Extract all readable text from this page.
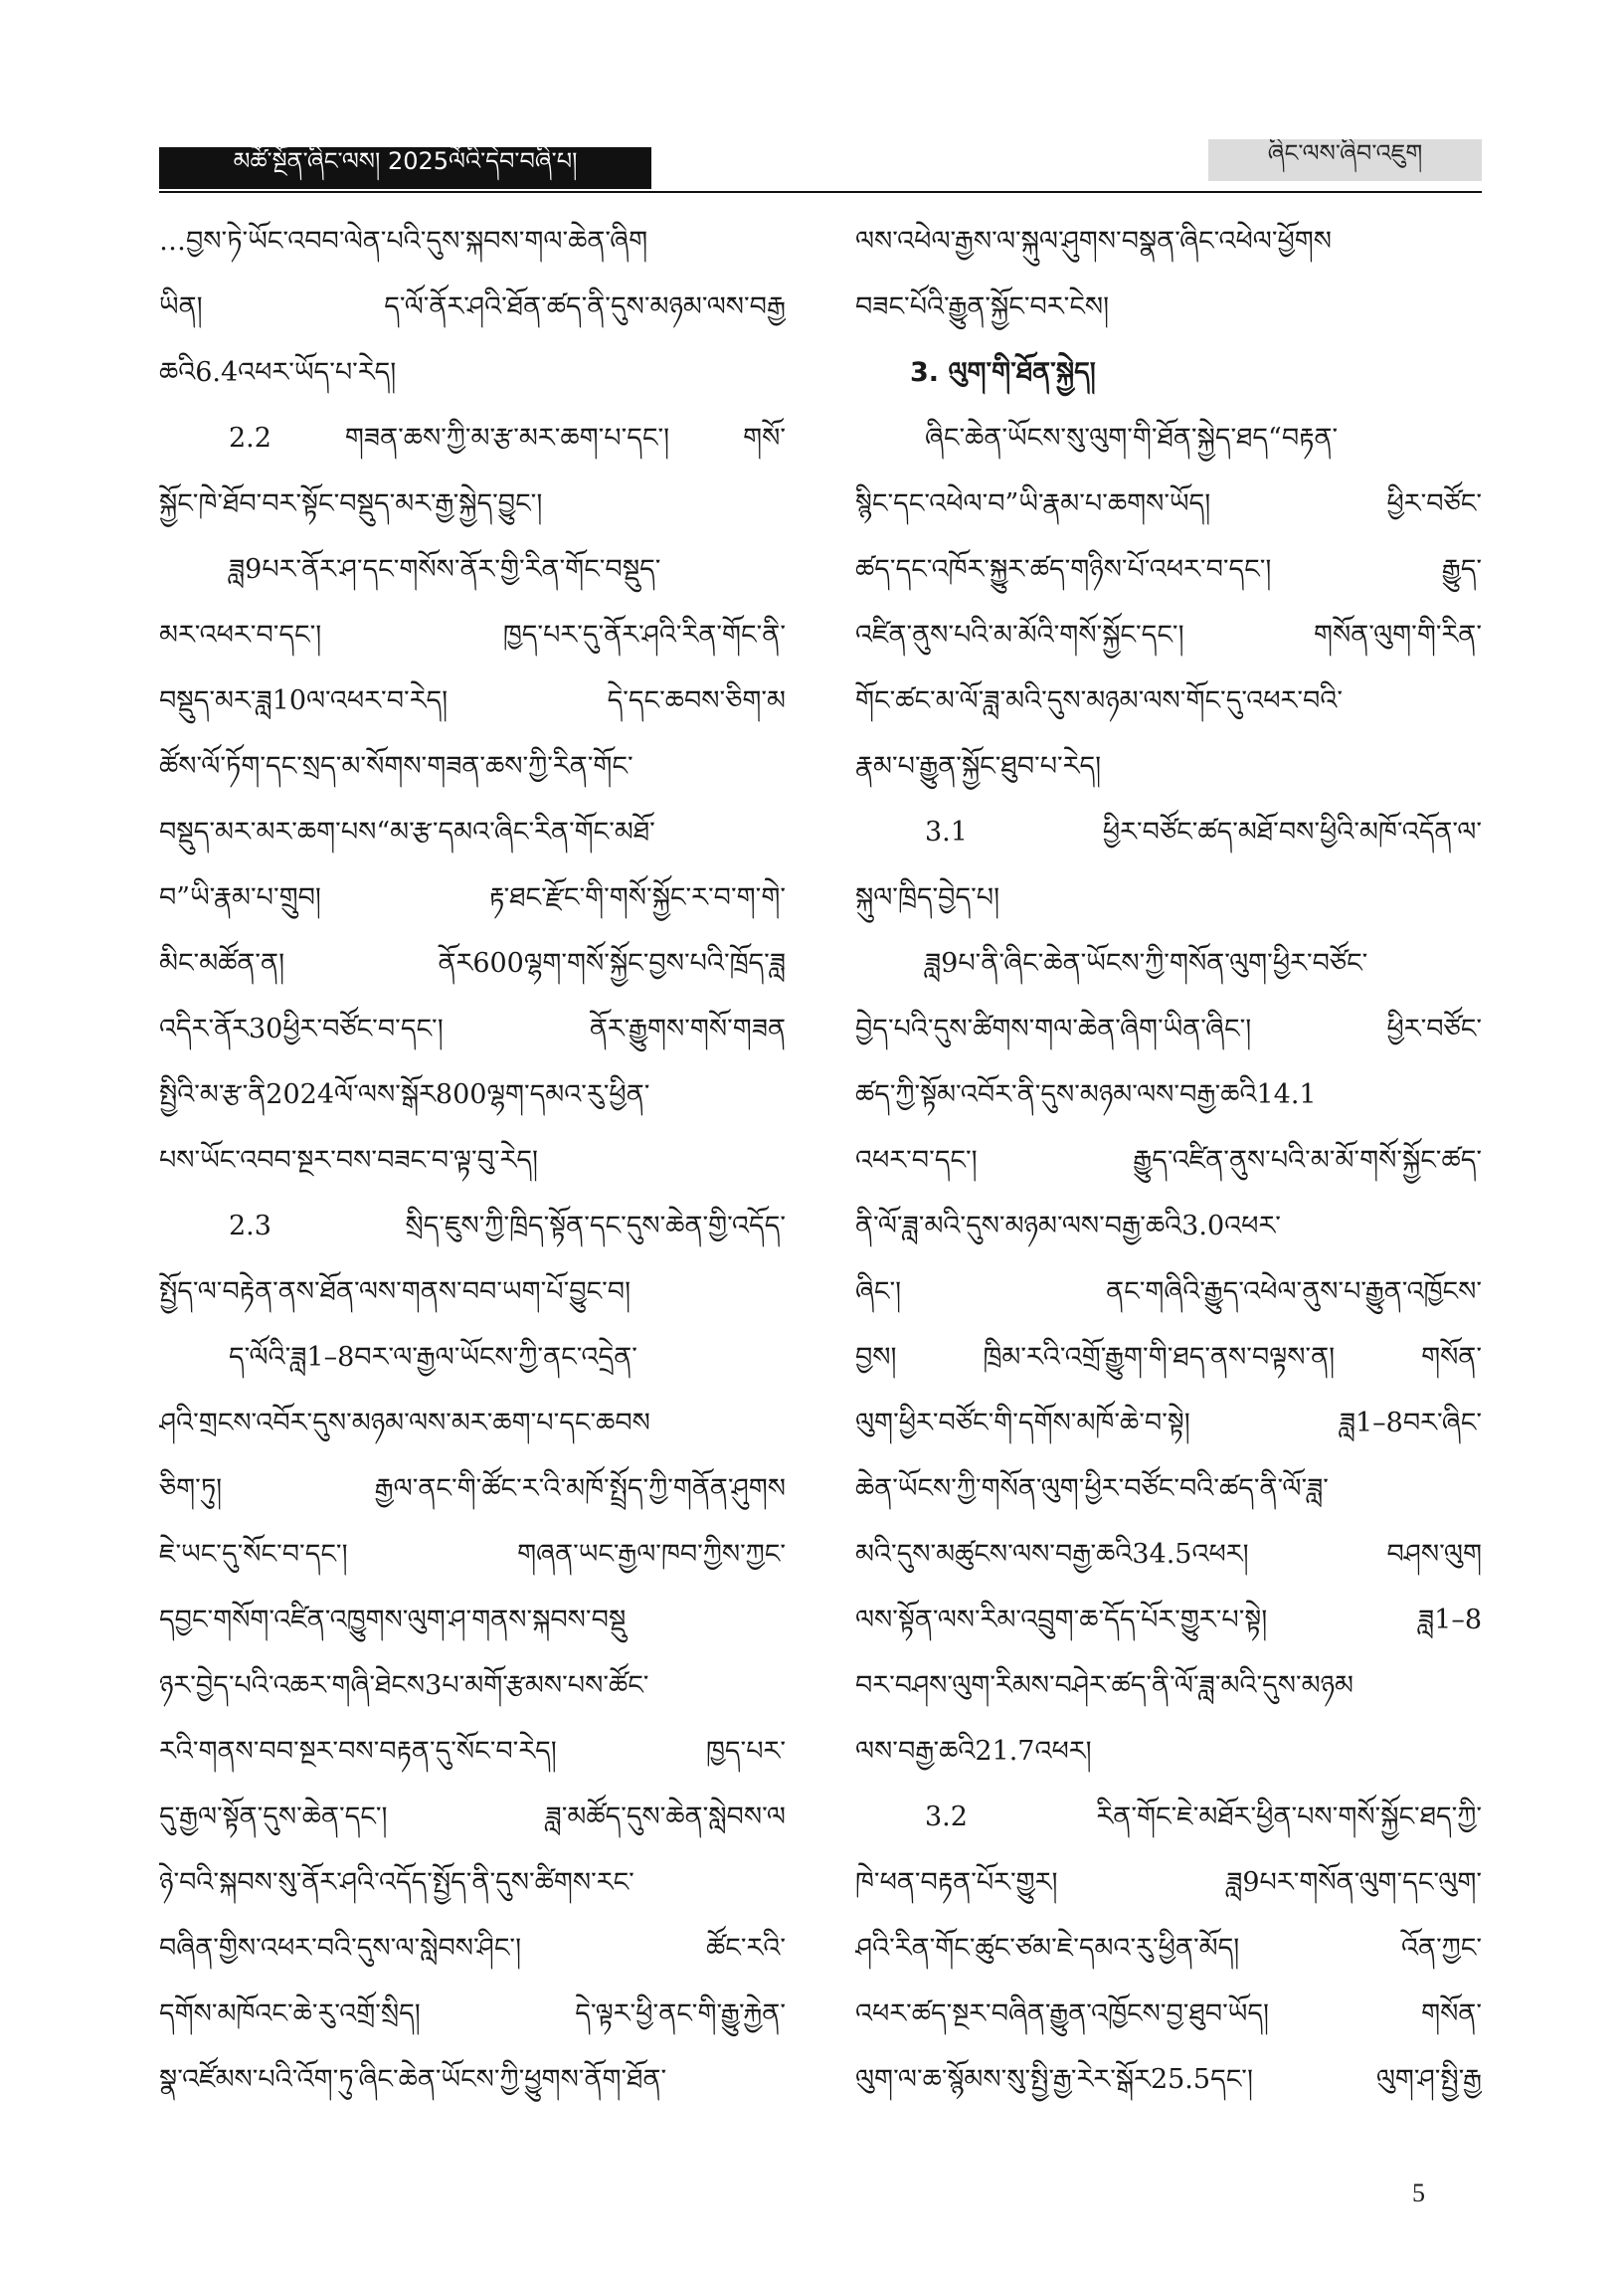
མཚོ་སྔོན་ཞིང་ལས། 2025ལོའི་དེབ་བཞི་པ།	ཞིང་ལས་ཞིབ་འཇུག
…བྱས་ཏེ་ཡོང་འབབ་ལེན་པའི་དུས་སྐབས་གལ་ཆེན་ཞིག
ཡིན། ད་ལོ་ནོར་ཤའི་ཐོན་ཚད་ནི་དུས་མཉམ་ལས་བརྒྱ
ཆའི6.4འཕར་ཡོད་པ་རེད།
2.2 གཟན་ཆས་ཀྱི་མ་རྩ་མར་ཆག་པ་དང་། གསོ་
སྐྱོང་ཁེ་ཐོབ་བར་སྟོང་བསྡུད་མར་རྒྱ་སྐྱེད་བྱུང་།
ཟླ9པར་ནོར་ཤ་དང་གསོས་ནོར་གྱི་རིན་གོང་བསྡུད་
མར་འཕར་བ་དང་། ཁྱད་པར་དུ་ནོར་ཤའི་རིན་གོང་ནི་
བསྡུད་མར་ཟླ10ལ་འཕར་བ་རེད། དེ་དང་ཆབས་ཅིག་མ
ཚོས་ལོ་ཏོག་དང་སྲད་མ་སོགས་གཟན་ཆས་ཀྱི་རིན་གོང་
བསྡུད་མར་མར་ཆག་པས“མ་རྩ་དམའ་ཞིང་རིན་གོང་མཐོ་
བ”ཡི་རྣམ་པ་གྲུབ། རྟ་ཐང་རྫོང་གི་གསོ་སྐྱོང་ར་བ་ག་གེ་
མིང་མཚོན་ན། ནོར600ལྷག་གསོ་སྐྱོང་བྱས་པའི་ཁྲོད་ཟླ
འདིར་ནོར30ཕྱིར་བཙོང་བ་དང་། ནོར་རྒྱུགས་གསོ་གཟན
སྤྱིའི་མ་རྩ་ནི2024ལོ་ལས་སྒོར800ལྷག་དམའ་རུ་ཕྱིན་
པས་ཡོང་འབབ་སྔར་བས་བཟང་བ་ལྟ་བུ་རེད།
2.3 སྲིད་ཇུས་ཀྱི་ཁྲིད་སྟོན་དང་དུས་ཆེན་གྱི་འདོད་
སྤྱོད་ལ་བརྟེན་ནས་ཐོན་ལས་གནས་བབ་ཡག་པོ་བྱུང་བ།
ད་ལོའི་ཟླ1–8བར་ལ་རྒྱལ་ཡོངས་ཀྱི་ནང་འདྲེན་
ཤའི་གྲངས་འབོར་དུས་མཉམ་ལས་མར་ཆག་པ་དང་ཆབས
ཅིག་ཏུ། རྒྱལ་ནང་གི་ཚོང་ར་འི་མཁོ་སྤྲོད་ཀྱི་གནོན་ཤུགས
ཇེ་ཡང་དུ་སོང་བ་དང་། གཞན་ཡང་རྒྱལ་ཁབ་ཀྱིས་ཀྱང་
དབྱང་གསོག་འཛིན་འཁྱུགས་ལུག་ཤ་གནས་སྐབས་བསྡུ
ཉར་བྱེད་པའི་འཆར་གཞི་ཐེངས3པ་མགོ་རྩམས་པས་ཚོང་
རའི་གནས་བབ་སྔར་བས་བརྟན་དུ་སོང་བ་རེད། ཁྱད་པར་
དུ་རྒྱལ་སྟོན་དུས་ཆེན་དང་། ཟླ་མཚོད་དུས་ཆེན་སླེབས་ལ
ཉེ་བའི་སྐབས་སུ་ནོར་ཤའི་འདོད་སྤྱོད་ནི་དུས་ཚིགས་རང་
བཞིན་གྱིས་འཕར་བའི་དུས་ལ་སླེབས་ཤིང་། ཚོང་རའི་
དགོས་མཁོའང་ཆེ་རུ་འགྲོ་སྲིད། དེ་ལྟར་ཕྱི་ནང་གི་རྒྱུ་རྐྱེན་
སྣ་འཛོམས་པའི་འོག་ཏུ་ཞིང་ཆེན་ཡོངས་ཀྱི་ཕྱུགས་ནོག་ཐོན་
ལས་འཕེལ་རྒྱས་ལ་སྐུལ་ཤུགས་བསྣན་ཞིང་འཕེལ་ཕྱོགས
བཟང་པོའི་རྒྱུན་སྐྱོང་བར་ངེས།
3. ལུག་གི་ཐོན་སྐྱེད།
ཞིང་ཆེན་ཡོངས་སུ་ལུག་གི་ཐོན་སྐྱེད་ཐད“བརྟན་
སྙིང་དང་འཕེལ་བ”ཡི་རྣམ་པ་ཆགས་ཡོད། ཕྱིར་བཙོང་
ཚད་དང་འཁོར་སྐྱུར་ཚད་གཉིས་པོ་འཕར་བ་དང་། རྒྱུད་
འཛིན་ནུས་པའི་མ་མོའི་གསོ་སྐྱོང་དང་། གསོན་ལུག་གི་རིན་
གོང་ཚང་མ་ལོ་ཟླ་མའི་དུས་མཉམ་ལས་གོང་དུ་འཕར་བའི་
རྣམ་པ་རྒྱུན་སྐྱོང་ཐུབ་པ་རེད།
3.1 ཕྱིར་བཙོང་ཚད་མཐོ་བས་ཕྱིའི་མཁོ་འདོན་ལ་
སྐུལ་ཁྲིད་བྱེད་པ།
ཟླ9པ་ནི་ཞིང་ཆེན་ཡོངས་ཀྱི་གསོན་ལུག་ཕྱིར་བཙོང་
བྱེད་པའི་དུས་ཚིགས་གལ་ཆེན་ཞིག་ཡིན་ཞིང་། ཕྱིར་བཙོང་
ཚད་ཀྱི་སྟོམ་འབོར་ནི་དུས་མཉམ་ལས་བརྒྱ་ཆའི14.1
འཕར་བ་དང་། རྒྱུད་འཛིན་ནུས་པའི་མ་མོ་གསོ་སྐྱོང་ཚད་
ནི་ལོ་ཟླ་མའི་དུས་མཉམ་ལས་བརྒྱ་ཆའི3.0འཕར་
ཞིང་། ནང་གཞིའི་རྒྱུད་འཕེལ་ནུས་པ་རྒྱུན་འཁྱོངས་
བྱས། ཁྲིམ་རའི་འགྲོ་རྒྱུག་གི་ཐད་ནས་བལྟས་ན། གསོན་
ལུག་ཕྱིར་བཙོང་གི་དགོས་མཁོ་ཆེ་བ་སྟེ། ཟླ1–8བར་ཞིང་
ཆེན་ཡོངས་ཀྱི་གསོན་ལུག་ཕྱིར་བཙོང་བའི་ཚད་ནི་ལོ་ཟླ་
མའི་དུས་མཚུངས་ལས་བརྒྱ་ཆའི34.5འཕར། བཤས་ལུག
ལས་སྟོན་ལས་རིམ་འབྲུག་ཆ་དོད་པོར་གྱུར་པ་སྟེ། ཟླ1–8
བར་བཤས་ལུག་རིམས་བཤེར་ཚད་ནི་ལོ་ཟླ་མའི་དུས་མཉམ
ལས་བརྒྱ་ཆའི21.7འཕར།
3.2 རིན་གོང་ཇེ་མཐོར་ཕྱིན་པས་གསོ་སྐྱོང་ཐད་ཀྱི་
ཁེ་ཕན་བརྟན་པོར་གྱུར། ཟླ9པར་གསོན་ལུག་དང་ལུག་
ཤའི་རིན་གོང་ཚུང་ཙམ་ཇེ་དམའ་རུ་ཕྱིན་མོད། འོན་ཀྱང་
འཕར་ཚད་སྔར་བཞིན་རྒྱུན་འཁྱོངས་བྱ་ཐུབ་ཡོད། གསོན་
ལུག་ལ་ཆ་སྙོམས་སུ་སྤྱི་རྒྱ་རེར་སྒོར25.5དང་། ལུག་ཤ་སྤྱི་རྒྱ
5
